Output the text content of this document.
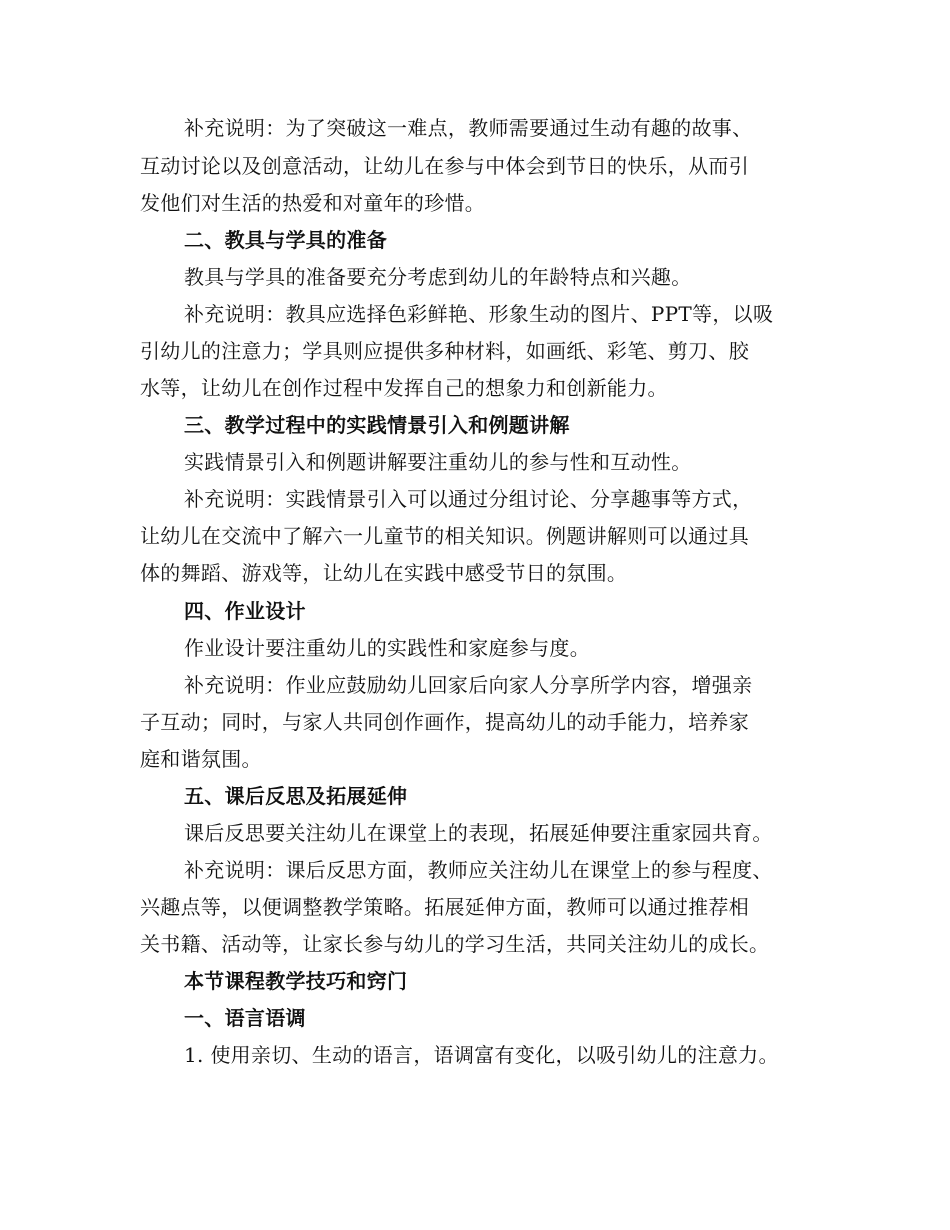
补充说明：为了突破这一难点，教师需要通过生动有趣的故事、
互动讨论以及创意活动，让幼儿在参与中体会到节日的快乐，从而引
发他们对生活的热爱和对童年的珍惜。
二、教具与学具的准备
教具与学具的准备要充分考虑到幼儿的年龄特点和兴趣。
补充说明：教具应选择色彩鲜艳、形象生动的图片、PPT等，以吸
引幼儿的注意力；学具则应提供多种材料，如画纸、彩笔、剪刀、胶
水等，让幼儿在创作过程中发挥自己的想象力和创新能力。
三、教学过程中的实践情景引入和例题讲解
实践情景引入和例题讲解要注重幼儿的参与性和互动性。
补充说明：实践情景引入可以通过分组讨论、分享趣事等方式，
让幼儿在交流中了解六一儿童节的相关知识。例题讲解则可以通过具
体的舞蹈、游戏等，让幼儿在实践中感受节日的氛围。
四、作业设计
作业设计要注重幼儿的实践性和家庭参与度。
补充说明：作业应鼓励幼儿回家后向家人分享所学内容，增强亲
子互动；同时，与家人共同创作画作，提高幼儿的动手能力，培养家
庭和谐氛围。
五、课后反思及拓展延伸
课后反思要关注幼儿在课堂上的表现，拓展延伸要注重家园共育。
补充说明：课后反思方面，教师应关注幼儿在课堂上的参与程度、
兴趣点等，以便调整教学策略。拓展延伸方面，教师可以通过推荐相
关书籍、活动等，让家长参与幼儿的学习生活，共同关注幼儿的成长。
本节课程教学技巧和窍门
一、语言语调
1. 使用亲切、生动的语言，语调富有变化，以吸引幼儿的注意力。
